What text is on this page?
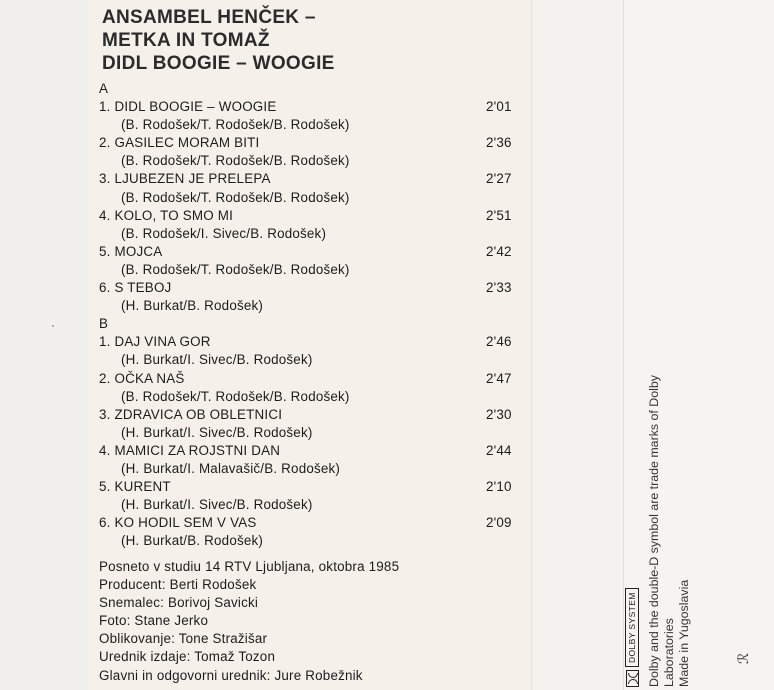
ANSAMBEL HENČEK –
METKA IN TOMAŽ
DIDL BOOGIE – WOOGIE
A
1. DIDL BOOGIE – WOOGIE	2'01
(B. Rodošek/T. Rodošek/B. Rodošek)
2. GASILEC MORAM BITI	2'36
(B. Rodošek/T. Rodošek/B. Rodošek)
3. LJUBEZEN JE PRELEPA	2'27
(B. Rodošek/T. Rodošek/B. Rodošek)
4. KOLO, TO SMO MI	2'51
(B. Rodošek/I. Sivec/B. Rodošek)
5. MOJCA	2'42
(B. Rodošek/T. Rodošek/B. Rodošek)
6. S TEBOJ	2'33
(H. Burkat/B. Rodošek)
B
1. DAJ VINA GOR	2'46
(H. Burkat/I. Sivec/B. Rodošek)
2. OČKA NAŠ	2'47
(B. Rodošek/T. Rodošek/B. Rodošek)
3. ZDRAVICA OB OBLETNICI	2'30
(H. Burkat/I. Sivec/B. Rodošek)
4. MAMICI ZA ROJSTNI DAN	2'44
(H. Burkat/I. Malavašič/B. Rodošek)
5. KURENT	2'10
(H. Burkat/I. Sivec/B. Rodošek)
6. KO HODIL SEM V VAS	2'09
(H. Burkat/B. Rodošek)
Posneto v studiu 14 RTV Ljubljana, oktobra 1985
Producent: Berti Rodošek
Snemalec: Borivoj Savicki
Foto: Stane Jerko
Oblikovanje: Tone Stražišar
Urednik izdaje: Tomaž Tozon
Glavni in odgovorni urednik: Jure Robežnik
DOLBY SYSTEM Dolby and the double-D symbol are trade marks of Dolby Laboratories Made in Yugoslavia	ℛ
